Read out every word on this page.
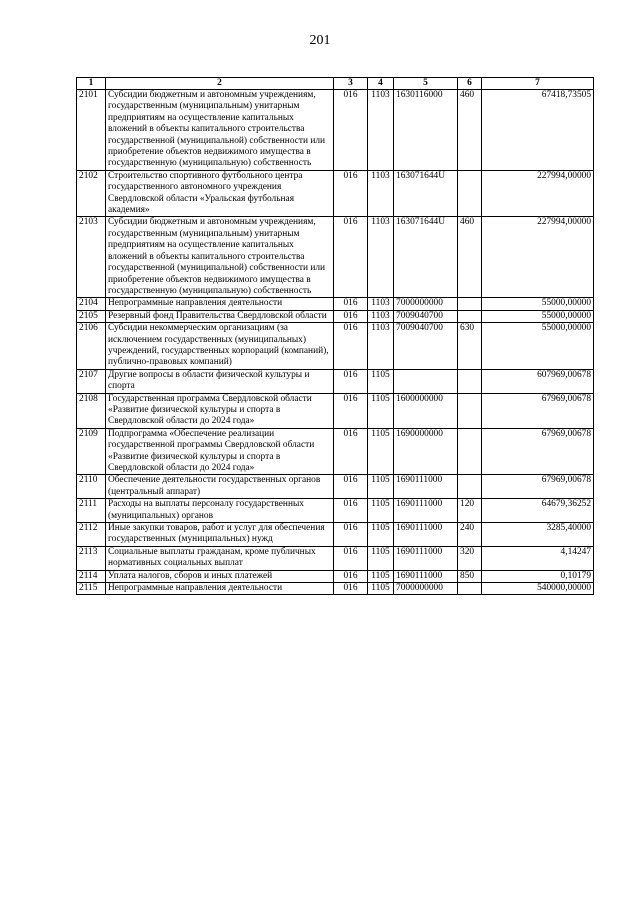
201
1	2	3	4	5	6	7
2101	Субсидии бюджетным и автономным учреждениям, государственным (муниципальным) унитарным предприятиям на осуществление капитальных вложений в объекты капитального строительства государственной (муниципальной) собственности или приобретение объектов недвижимого имущества в государственную (муниципальную) собственность	016	1103	1630116000	460	67418,73505
2102	Строительство спортивного футбольного центра государственного автономного учреждения Свердловской области «Уральская футбольная академия»	016	1103	163071644U		227994,00000
2103	Субсидии бюджетным и автономным учреждениям, государственным (муниципальным) унитарным предприятиям на осуществление капитальных вложений в объекты капитального строительства государственной (муниципальной) собственности или приобретение объектов недвижимого имущества в государственную (муниципальную) собственность	016	1103	163071644U	460	227994,00000
2104	Непрограммные направления деятельности	016	1103	7000000000		55000,00000
2105	Резервный фонд Правительства Свердловской области	016	1103	7009040700		55000,00000
2106	Субсидии некоммерческим организациям (за исключением государственных (муниципальных) учреждений, государственных корпораций (компаний), публично-правовых компаний)	016	1103	7009040700	630	55000,00000
2107	Другие вопросы в области физической культуры и спорта	016	1105			607969,00678
2108	Государственная программа Свердловской области «Развитие физической культуры и спорта в Свердловской области до 2024 года»	016	1105	1600000000		67969,00678
2109	Подпрограмма «Обеспечение реализации государственной программы Свердловской области «Развитие физической культуры и спорта в Свердловской области до 2024 года»	016	1105	1690000000		67969,00678
2110	Обеспечение деятельности государственных органов (центральный аппарат)	016	1105	1690111000		67969,00678
2111	Расходы на выплаты персоналу государственных (муниципальных) органов	016	1105	1690111000	120	64679,36252
2112	Иные закупки товаров, работ и услуг для обеспечения государственных (муниципальных) нужд	016	1105	1690111000	240	3285,40000
2113	Социальные выплаты гражданам, кроме публичных нормативных социальных выплат	016	1105	1690111000	320	4,14247
2114	Уплата налогов, сборов и иных платежей	016	1105	1690111000	850	0,10179
2115	Непрограммные направления деятельности	016	1105	7000000000		540000,00000
